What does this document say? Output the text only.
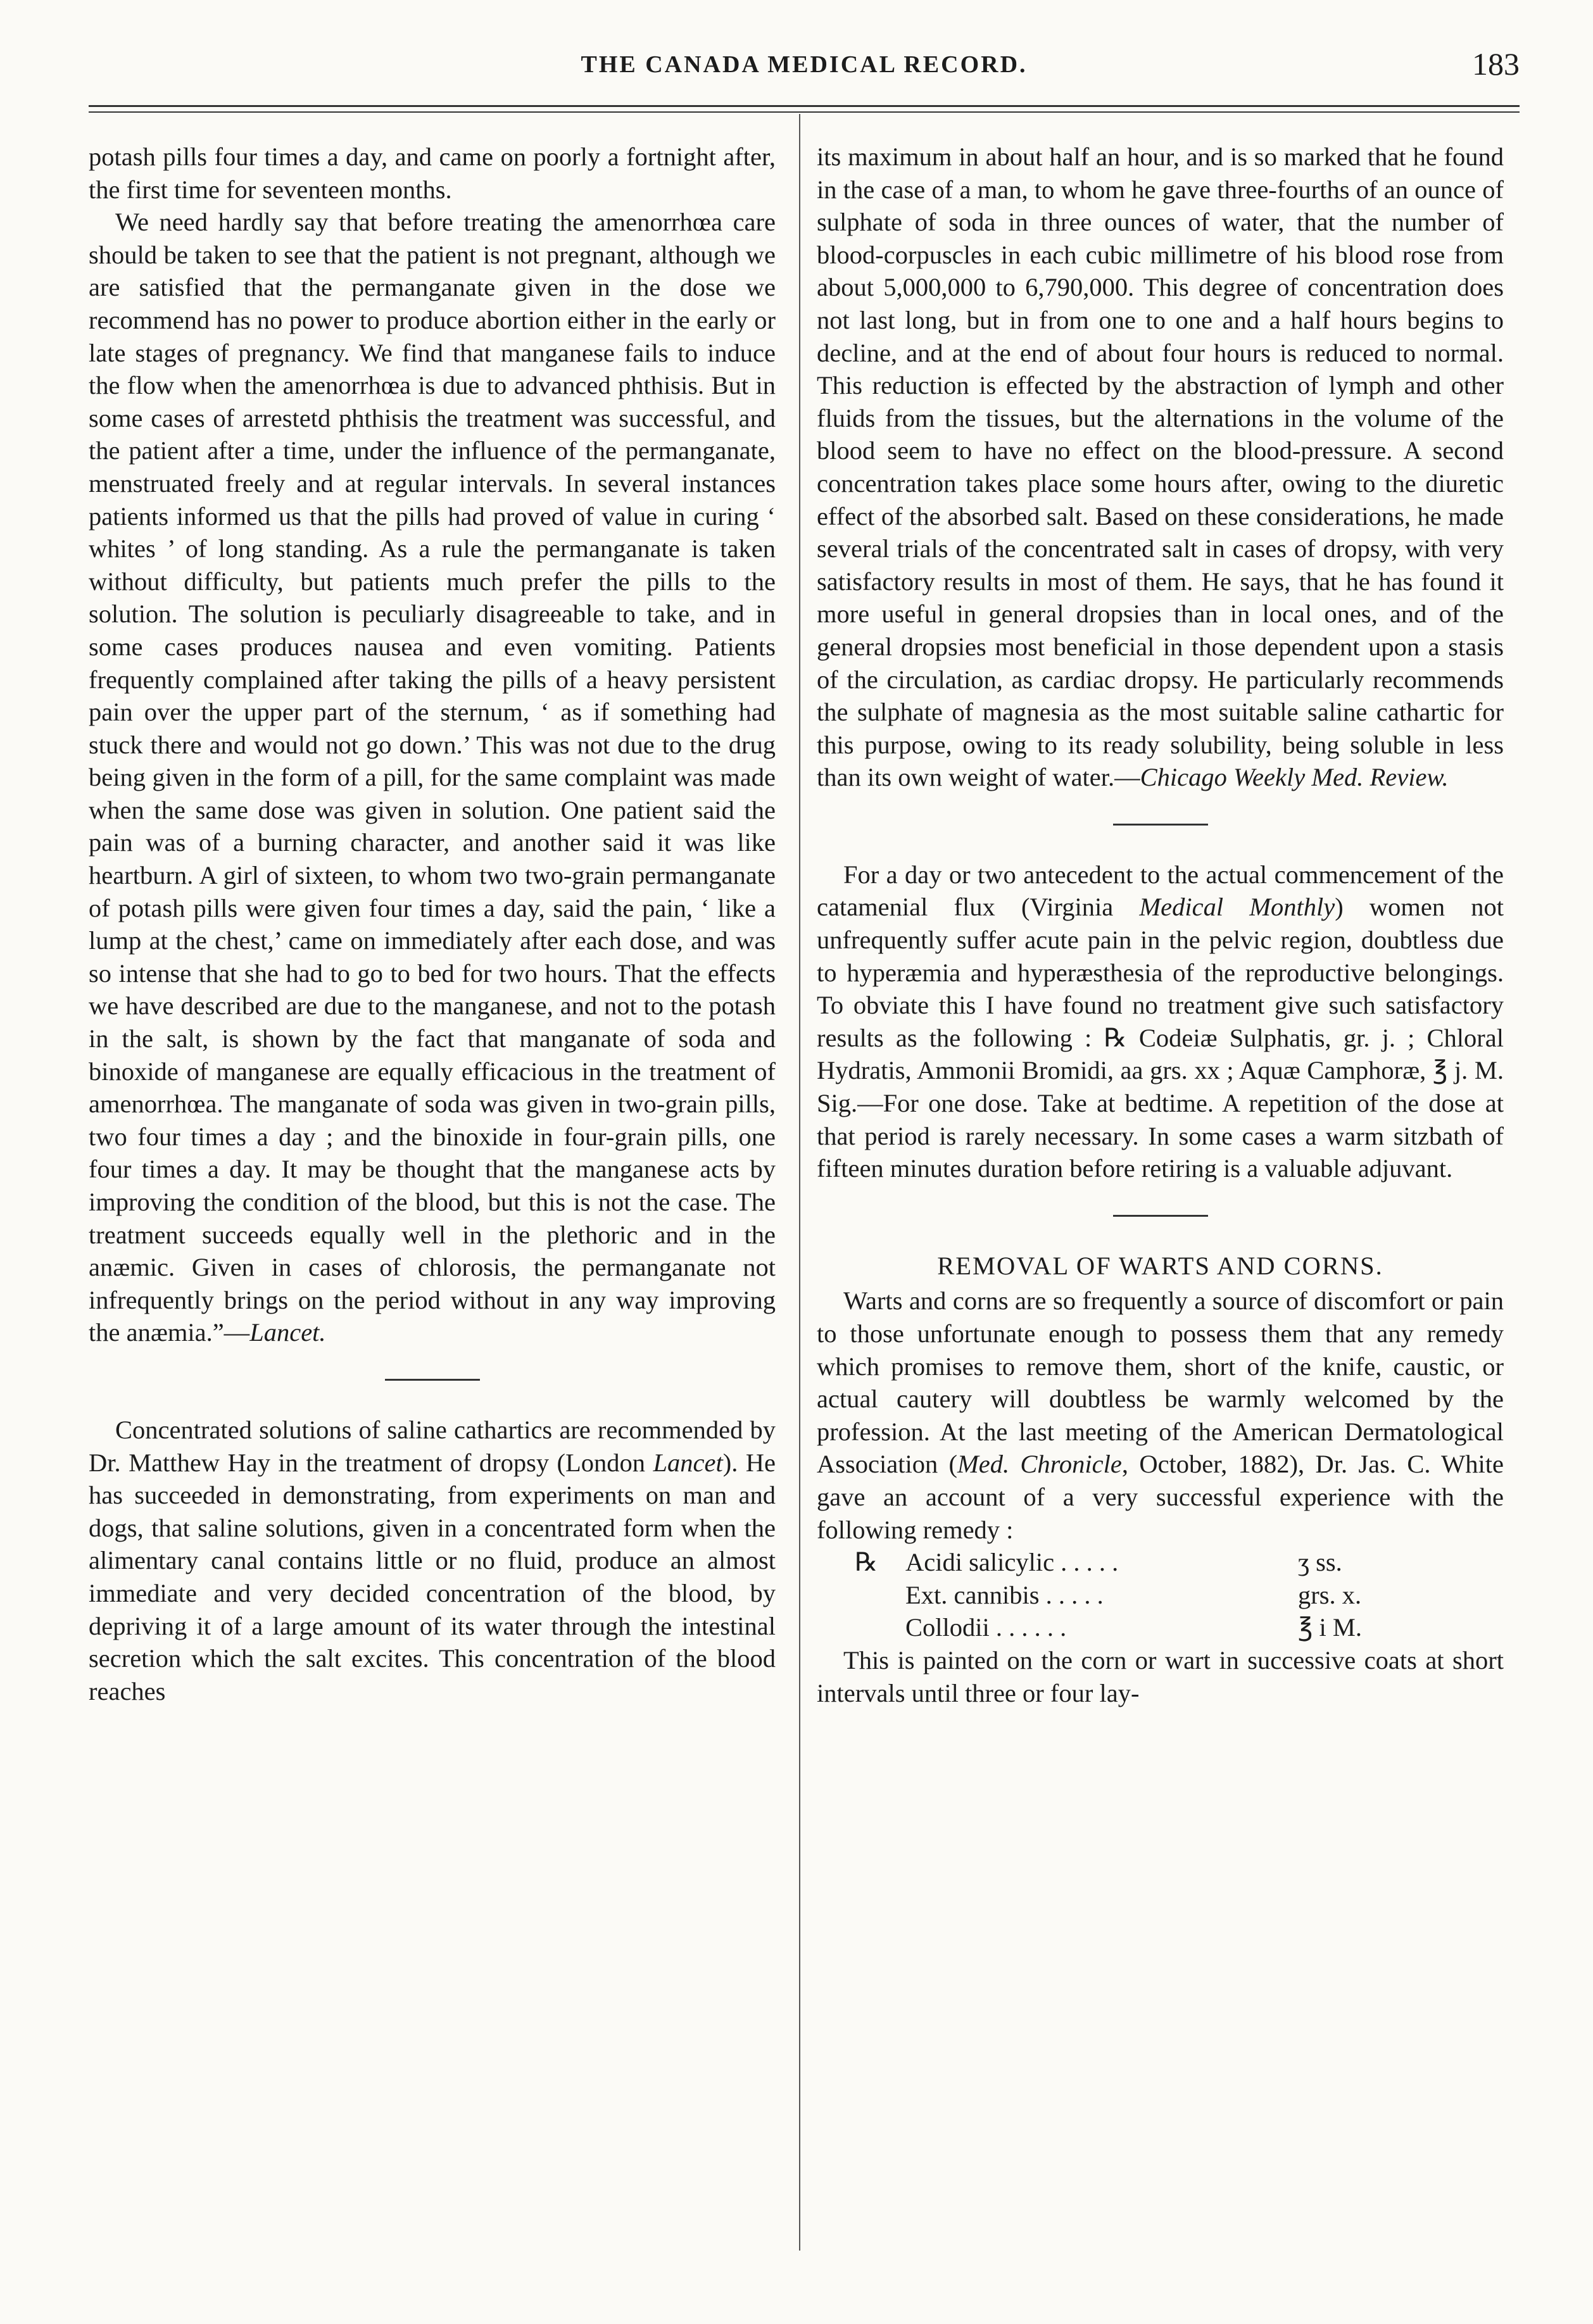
THE CANADA MEDICAL RECORD.	183

potash pills four times a day, and came on poorly a fortnight after, the first time for seventeen months.

We need hardly say that before treating the amenorrhœa care should be taken to see that the patient is not pregnant, although we are satisfied that the permanganate given in the dose we recommend has no power to produce abortion either in the early or late stages of pregnancy. We find that manganese fails to induce the flow when the amenorrhœa is due to advanced phthisis. But in some cases of arrestetd phthisis the treatment was successful, and the patient after a time, under the influence of the permanganate, menstruated freely and at regular intervals. In several instances patients informed us that the pills had proved of value in curing ‘ whites ’ of long standing. As a rule the permanganate is taken without difficulty, but patients much prefer the pills to the solution. The solution is peculiarly disagreeable to take, and in some cases produces nausea and even vomiting. Patients frequently complained after taking the pills of a heavy persistent pain over the upper part of the sternum, ‘ as if something had stuck there and would not go down.’ This was not due to the drug being given in the form of a pill, for the same complaint was made when the same dose was given in solution. One patient said the pain was of a burning character, and another said it was like heartburn. A girl of sixteen, to whom two two-grain permanganate of potash pills were given four times a day, said the pain, ‘ like a lump at the chest,’ came on immediately after each dose, and was so intense that she had to go to bed for two hours. That the effects we have described are due to the manganese, and not to the potash in the salt, is shown by the fact that manganate of soda and binoxide of manganese are equally efficacious in the treatment of amenorrhœa. The manganate of soda was given in two-grain pills, two four times a day ; and the binoxide in four-grain pills, one four times a day. It may be thought that the manganese acts by improving the condition of the blood, but this is not the case. The treatment succeeds equally well in the plethoric and in the anæmic. Given in cases of chlorosis, the permanganate not infrequently brings on the period without in any way improving the anæmia.”—Lancet.

Concentrated solutions of saline cathartics are recommended by Dr. Matthew Hay in the treatment of dropsy (London Lancet). He has succeeded in demonstrating, from experiments on man and dogs, that saline solutions, given in a concentrated form when the alimentary canal contains little or no fluid, produce an almost immediate and very decided concentration of the blood, by depriving it of a large amount of its water through the intestinal secretion which the salt excites. This concentration of the blood reaches

its maximum in about half an hour, and is so marked that he found in the case of a man, to whom he gave three-fourths of an ounce of sulphate of soda in three ounces of water, that the number of blood-corpuscles in each cubic millimetre of his blood rose from about 5,000,000 to 6,790,000. This degree of concentration does not last long, but in from one to one and a half hours begins to decline, and at the end of about four hours is reduced to normal. This reduction is effected by the abstraction of lymph and other fluids from the tissues, but the alternations in the volume of the blood seem to have no effect on the blood-pressure. A second concentration takes place some hours after, owing to the diuretic effect of the absorbed salt. Based on these considerations, he made several trials of the concentrated salt in cases of dropsy, with very satisfactory results in most of them. He says, that he has found it more useful in general dropsies than in local ones, and of the general dropsies most beneficial in those dependent upon a stasis of the circulation, as cardiac dropsy. He particularly recommends the sulphate of magnesia as the most suitable saline cathartic for this purpose, owing to its ready solubility, being soluble in less than its own weight of water.—Chicago Weekly Med. Review.

For a day or two antecedent to the actual commencement of the catamenial flux (Virginia Medical Monthly) women not unfrequently suffer acute pain in the pelvic region, doubtless due to hyperæmia and hyperæsthesia of the reproductive belongings. To obviate this I have found no treatment give such satisfactory results as the following : ℞ Codeiæ Sulphatis, gr. j. ; Chloral Hydratis, Ammonii Bromidi, aa grs. xx ; Aquæ Camphoræ, ℥ j. M. Sig.—For one dose. Take at bedtime. A repetition of the dose at that period is rarely necessary. In some cases a warm sitzbath of fifteen minutes duration before retiring is a valuable adjuvant.

REMOVAL OF WARTS AND CORNS.

Warts and corns are so frequently a source of discomfort or pain to those unfortunate enough to possess them that any remedy which promises to remove them, short of the knife, caustic, or actual cautery will doubtless be warmly welcomed by the profession. At the last meeting of the American Dermatological Association (Med. Chronicle, October, 1882), Dr. Jas. C. White gave an account of a very successful experience with the following remedy :

℞	Acidi salicylic . . . . .	ʒ ss.
Ext. cannibis . . . . .	grs. x.
Collodii . . . . . .	℥ i M.

This is painted on the corn or wart in successive coats at short intervals until three or four lay-
